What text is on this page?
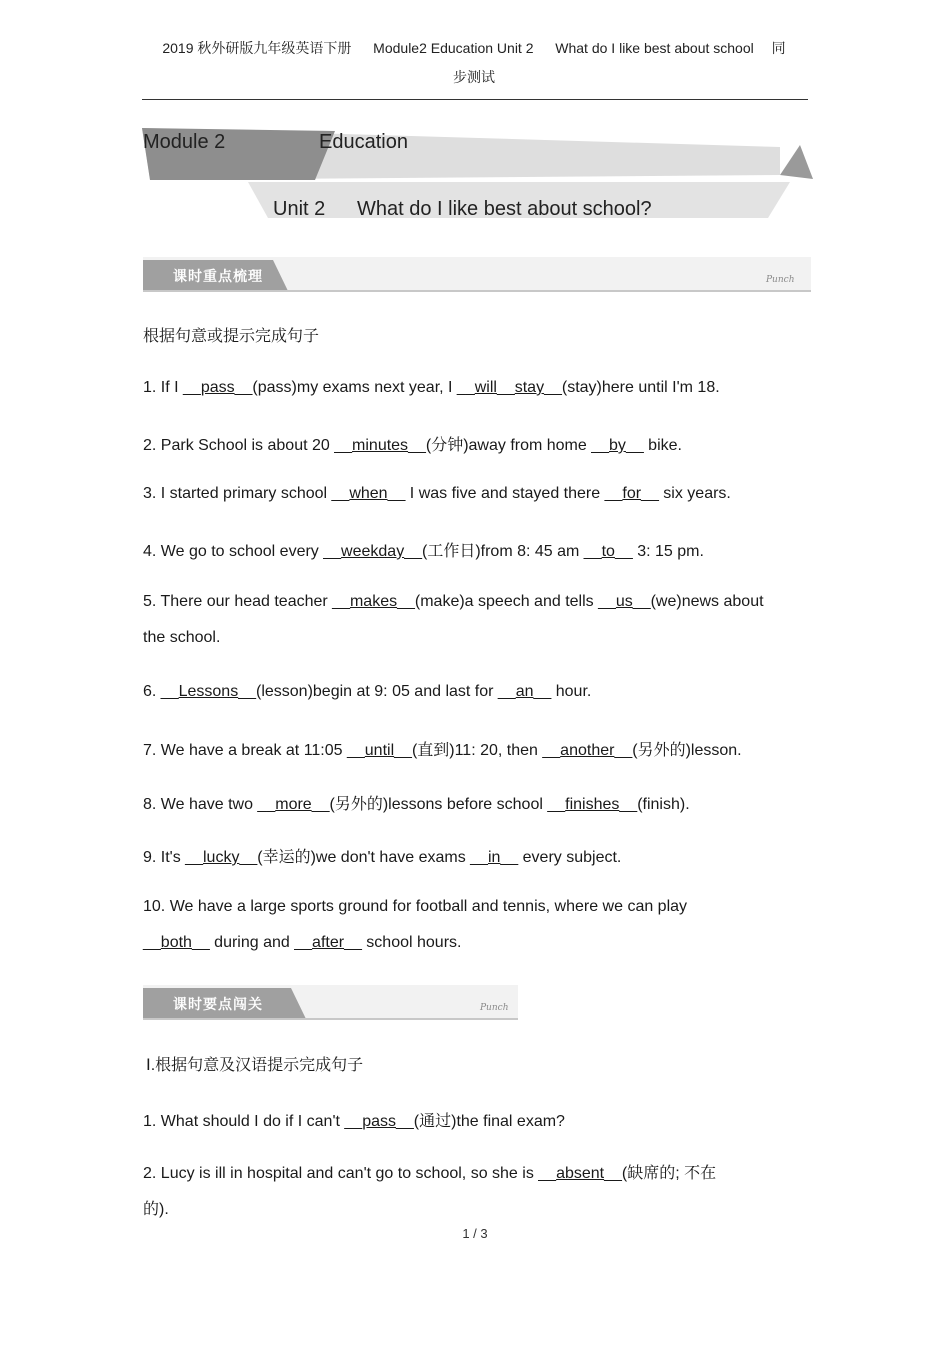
2019 秋外研版九年级英语下册 　 Module2 Education Unit 2 　 What do I like best about school 　同
步测试
Module 2	Education
Unit 2 What do I like best about school?
课时重点梳理	Punch
根据句意或提示完成句子
1. If I __pass__(pass)my exams next year, I __will__stay__(stay)here until I'm 18.
2. Park School is about 20 __minutes__(分钟)away from home __by__ bike.
3. I started primary school __when__ I was five and stayed there __for__ six years.
4. We go to school every __weekday__(工作日)from 8: 45 am __to__ 3: 15 pm.
5. There our head teacher __makes__(make)a speech and tells __us__(we)news about
the school.
6. __Lessons__(lesson)begin at 9: 05 and last for __an__ hour.
7. We have a break at 11:05 __until__(直到)11: 20, then __another__(另外的)lesson.
8. We have two __more__(另外的)lessons before school __finishes__(finish).
9. It's __lucky__(幸运的)we don't have exams __in__ every subject.
10. We have a large sports ground for football and tennis, where we can play
__both__ during and __after__ school hours.
课时要点闯关	Punch
Ⅰ.根据句意及汉语提示完成句子
1. What should I do if I can't __pass__(通过)the final exam?
2. Lucy is ill in hospital and can't go to school, so she is __absent__(缺席的; 不在
的).
1 / 3
